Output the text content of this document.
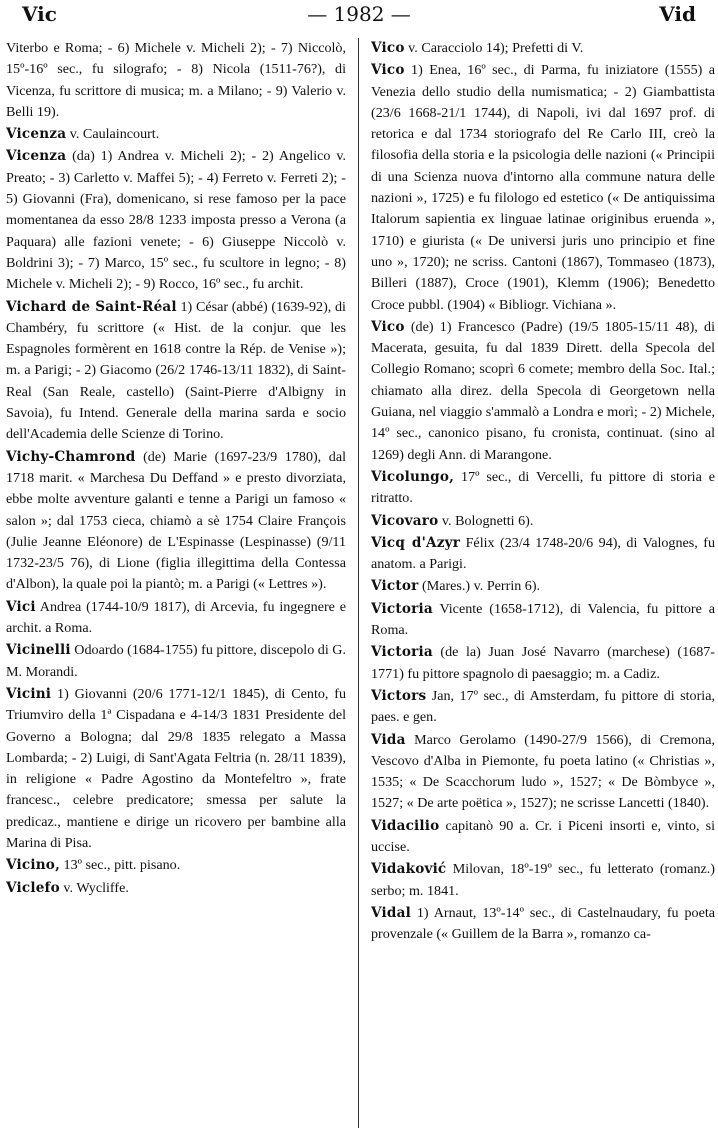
Vic	— 1982 —	Vid

Viterbo e Roma; - 6) Michele v. Micheli 2); - 7) Niccolò, 15º-16º sec., fu silografo; - 8) Nicola (1511-76?), di Vicenza, fu scrittore di musica; m. a Milano; - 9) Valerio v. Belli 19).

Vicenza v. Caulaincourt.

Vicenza (da) 1) Andrea v. Micheli 2); - 2) Angelico v. Preato; - 3) Carletto v. Maffei 5); - 4) Ferreto v. Ferreti 2); - 5) Giovanni (Fra), domenicano, si rese famoso per la pace momentanea da esso 28/8 1233 imposta presso a Verona (a Paquara) alle fazioni venete; - 6) Giuseppe Niccolò v. Boldrini 3); - 7) Marco, 15º sec., fu scultore in legno; - 8) Michele v. Micheli 2); - 9) Rocco, 16º sec., fu archit.

Vichard de Saint-Réal 1) César (abbé) (1639-92), di Chambéry, fu scrittore (« Hist. de la conjur. que les Espagnoles formèrent en 1618 contre la Rép. de Venise »); m. a Parigi; - 2) Giacomo (26/2 1746-13/11 1832), di Saint-Real (San Reale, castello) (Saint-Pierre d'Albigny in Savoia), fu Intend. Generale della marina sarda e socio dell'Academia delle Scienze di Torino.

Vichy-Chamrond (de) Marie (1697-23/9 1780), dal 1718 marit. « Marchesa Du Deffand » e presto divorziata, ebbe molte avventure galanti e tenne a Parigi un famoso « salon »; dal 1753 cieca, chiamò a sè 1754 Claire François (Julie Jeanne Eléonore) de L'Espinasse (Lespinasse) (9/11 1732-23/5 76), di Lione (figlia illegittima della Contessa d'Albon), la quale poi la piantò; m. a Parigi (« Lettres »).

Vici Andrea (1744-10/9 1817), di Arcevia, fu ingegnere e archit. a Roma.

Vicinelli Odoardo (1684-1755) fu pittore, discepolo di G. M. Morandi.

Vicini 1) Giovanni (20/6 1771-12/1 1845), di Cento, fu Triumviro della 1ª Cispadana e 4-14/3 1831 Presidente del Governo a Bologna; dal 29/8 1835 relegato a Massa Lombarda; - 2) Luigi, di Sant'Agata Feltria (n. 28/11 1839), in religione « Padre Agostino da Montefeltro », frate francesc., celebre predicatore; smessa per salute la predicaz., mantiene e dirige un ricovero per bambine alla Marina di Pisa.

Vicino, 13º sec., pitt. pisano.

Viclefo v. Wycliffe.

Vico v. Caracciolo 14); Prefetti di V.

Vico 1) Enea, 16º sec., di Parma, fu iniziatore (1555) a Venezia dello studio della numismatica; - 2) Giambattista (23/6 1668-21/1 1744), di Napoli, ivi dal 1697 prof. di retorica e dal 1734 storiografo del Re Carlo III, creò la filosofia della storia e la psicologia delle nazioni (« Principii di una Scienza nuova d'intorno alla commune natura delle nazioni », 1725) e fu filologo ed estetico (« De antiquissima Italorum sapientia ex linguae latinae originibus eruenda », 1710) e giurista (« De universi juris uno principio et fine uno », 1720); ne scriss. Cantoni (1867), Tommaseo (1873), Billeri (1887), Croce (1901), Klemm (1906); Benedetto Croce pubbl. (1904) « Bibliogr. Vichiana ».

Vico (de) 1) Francesco (Padre) (19/5 1805-15/11 48), di Macerata, gesuita, fu dal 1839 Dirett. della Specola del Collegio Romano; scoprì 6 comete; membro della Soc. Ital.; chiamato alla direz. della Specola di Georgetown nella Guiana, nel viaggio s'ammalò a Londra e morì; - 2) Michele, 14º sec., canonico pisano, fu cronista, continuat. (sino al 1269) degli Ann. di Marangone.

Vicolungo, 17º sec., di Vercelli, fu pittore di storia e ritratto.

Vicovaro v. Bolognetti 6).

Vicq d'Azyr Félix (23/4 1748-20/6 94), di Valognes, fu anatom. a Parigi.

Victor (Mares.) v. Perrin 6).

Victoria Vicente (1658-1712), di Valencia, fu pittore a Roma.

Victoria (de la) Juan José Navarro (marchese) (1687-1771) fu pittore spagnolo di paesaggio; m. a Cadiz.

Victors Jan, 17º sec., di Amsterdam, fu pittore di storia, paes. e gen.

Vida Marco Gerolamo (1490-27/9 1566), di Cremona, Vescovo d'Alba in Piemonte, fu poeta latino (« Christias », 1535; « De Scacchorum ludo », 1527; « De Bòmbyce », 1527; « De arte poëtica », 1527); ne scrisse Lancetti (1840).

Vidacilio capitanò 90 a. Cr. i Piceni insorti e, vinto, si uccise.

Vidaković Milovan, 18º-19º sec., fu letterato (romanz.) serbo; m. 1841.

Vidal 1) Arnaut, 13º-14º sec., di Castelnaudary, fu poeta provenzale (« Guillem de la Barra », romanzo ca-
